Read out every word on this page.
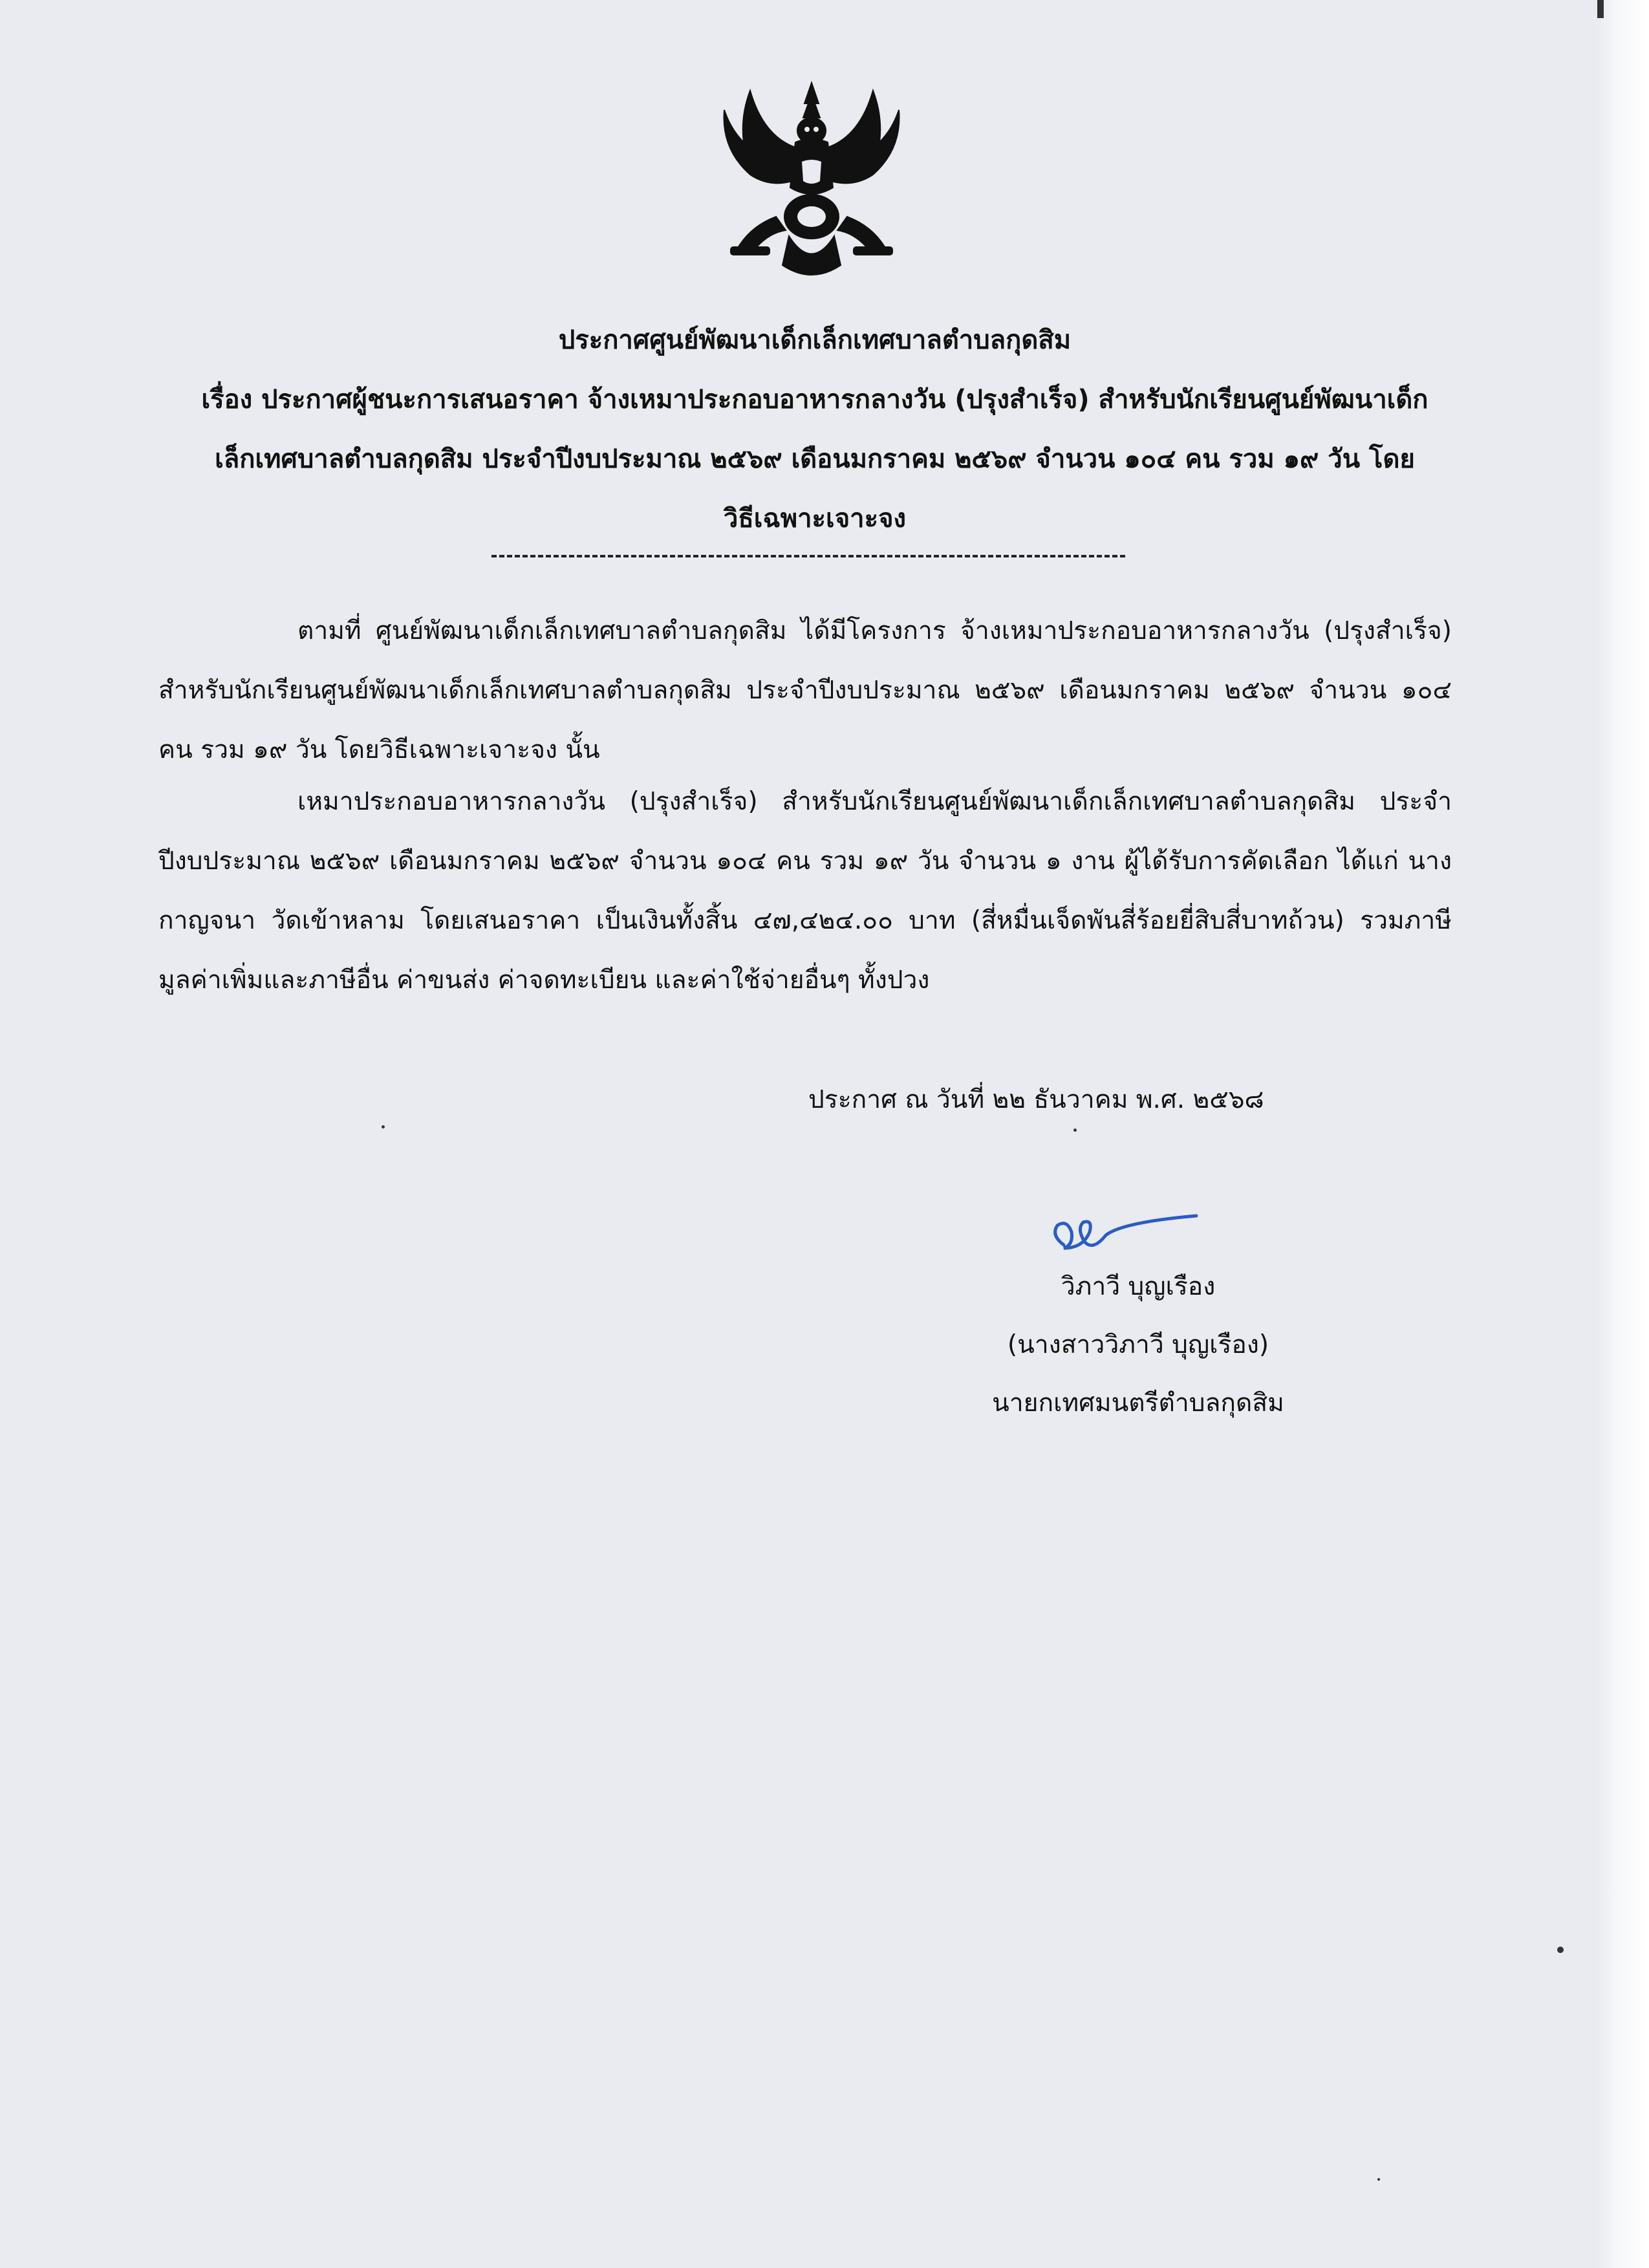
ประกาศศูนย์พัฒนาเด็กเล็กเทศบาลตำบลกุดสิม
เรื่อง ประกาศผู้ชนะการเสนอราคา จ้างเหมาประกอบอาหารกลางวัน (ปรุงสำเร็จ) สำหรับนักเรียนศูนย์พัฒนาเด็ก
เล็กเทศบาลตำบลกุดสิม ประจำปีงบประมาณ ๒๕๖๙ เดือนมกราคม ๒๕๖๙ จำนวน ๑๐๔ คน รวม ๑๙ วัน โดย
วิธีเฉพาะเจาะจง
ตามที่ ศูนย์พัฒนาเด็กเล็กเทศบาลตำบลกุดสิม ได้มีโครงการ จ้างเหมาประกอบอาหารกลางวัน (ปรุงสำเร็จ) สำหรับนักเรียนศูนย์พัฒนาเด็กเล็กเทศบาลตำบลกุดสิม ประจำปีงบประมาณ ๒๕๖๙ เดือนมกราคม ๒๕๖๙ จำนวน ๑๐๔ คน รวม ๑๙ วัน โดยวิธีเฉพาะเจาะจง นั้น
เหมาประกอบอาหารกลางวัน (ปรุงสำเร็จ) สำหรับนักเรียนศูนย์พัฒนาเด็กเล็กเทศบาลตำบลกุดสิม ประจำปีงบประมาณ ๒๕๖๙ เดือนมกราคม ๒๕๖๙ จำนวน ๑๐๔ คน รวม ๑๙ วัน จำนวน ๑ งาน ผู้ได้รับการคัดเลือก ได้แก่ นางกาญจนา วัดเข้าหลาม โดยเสนอราคา เป็นเงินทั้งสิ้น ๔๗,๔๒๔.๐๐ บาท (สี่หมื่นเจ็ดพันสี่ร้อยยี่สิบสี่บาทถ้วน) รวมภาษีมูลค่าเพิ่มและภาษีอื่น ค่าขนส่ง ค่าจดทะเบียน และค่าใช้จ่ายอื่นๆ ทั้งปวง
ประกาศ ณ วันที่ ๒๒ ธันวาคม พ.ศ. ๒๕๖๘
วิภาวี บุญเรือง
(นางสาววิภาวี บุญเรือง)
นายกเทศมนตรีตำบลกุดสิม
